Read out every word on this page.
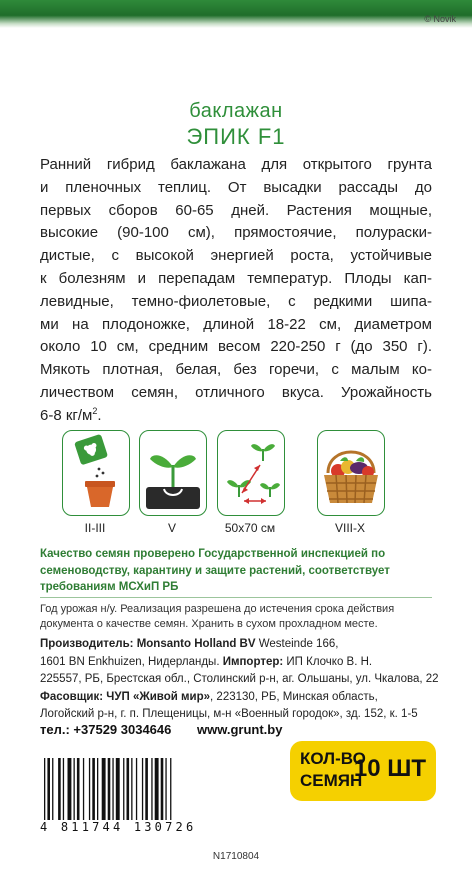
© Novik
баклажан
ЭПИК F1
Ранний гибрид баклажана для открытого грунта
и пленочных теплиц. От высадки рассады до
первых сборов 60-65 дней. Растения мощные,
высокие (90-100 см), прямостоячие, полураски-
дистые, с высокой энергией роста, устойчивые
к болезням и перепадам температур. Плоды кап-
левидные, темно-фиолетовые, с редкими шипа-
ми на плодоножке, длиной 18-22 см, диаметром
около 10 см, средним весом 220-250 г (до 350 г).
Мякоть плотная, белая, без горечи, с малым ко-
личеством семян, отличного вкуса. Урожайность
6-8 $кг/м^2$.
II-III	V	50х70 см	VIII-X
Качество семян проверено Государственной инспекцией по семеноводству, карантину и защите растений, соответствует требованиям МСХиП РБ
Год урожая н/у. Реализация разрешена до истечения срока действия документа о качестве семян. Хранить в сухом прохладном месте.
Производитель: Monsanto Holland BV Westeinde 166,
1601 BN Enkhuizen, Нидерланды. Импортер: ИП Клочко В. Н.
225557, РБ, Брестская обл., Столинский р-н, аг. Ольшаны, ул. Чкалова, 22
Фасовщик: ЧУП «Живой мир», 223130, РБ, Минская область,
Логойский р-н, г. п. Плещеницы, м-н «Военный городок», зд. 152, к. 1-5
тел.: +37529 3034646 www.grunt.by
4 811744 130726
КОЛ-ВО
СЕМЯН
10 ШТ
N1710804
